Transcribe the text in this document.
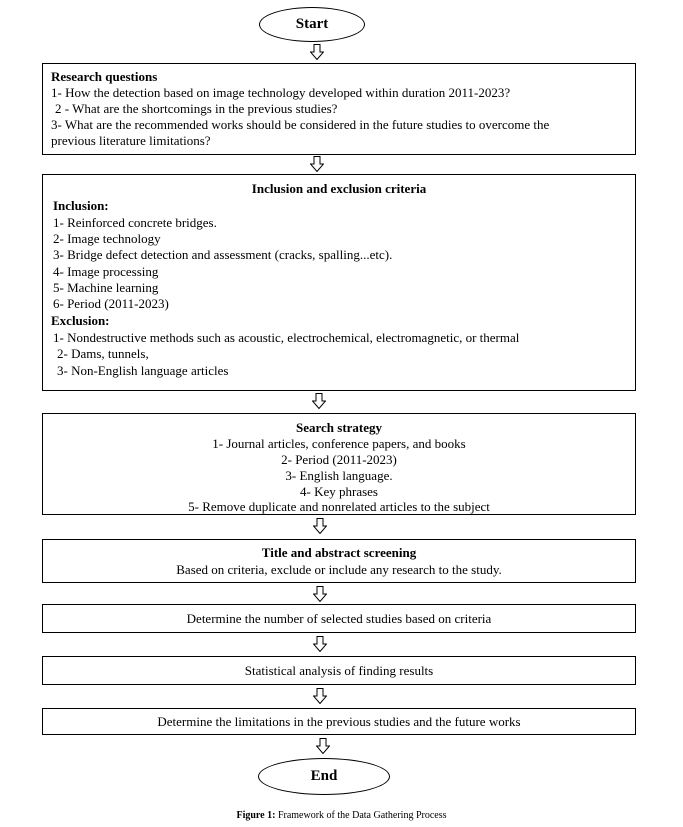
Start
Research questions
1- How the detection based on image technology developed within duration 2011-2023?
2 - What are the shortcomings in the previous studies?
3- What are the recommended works should be considered in the future studies to overcome the
previous literature limitations?
Inclusion and exclusion criteria
Inclusion:
1- Reinforced concrete bridges.
2- Image technology
3- Bridge defect detection and assessment (cracks, spalling...etc).
4- Image processing
5- Machine learning
6- Period (2011-2023)
Exclusion:
1- Nondestructive methods such as acoustic, electrochemical, electromagnetic, or thermal
2- Dams, tunnels,
3- Non-English language articles
Search strategy
1- Journal articles, conference papers, and books
2- Period (2011-2023)
3- English language.
4- Key phrases
5- Remove duplicate and nonrelated articles to the subject
Title and abstract screening
Based on criteria, exclude or include any research to the study.
Determine the number of selected studies based on criteria
Statistical analysis of finding results
Determine the limitations in the previous studies and the future works
End
Figure 1: Framework of the Data Gathering Process
